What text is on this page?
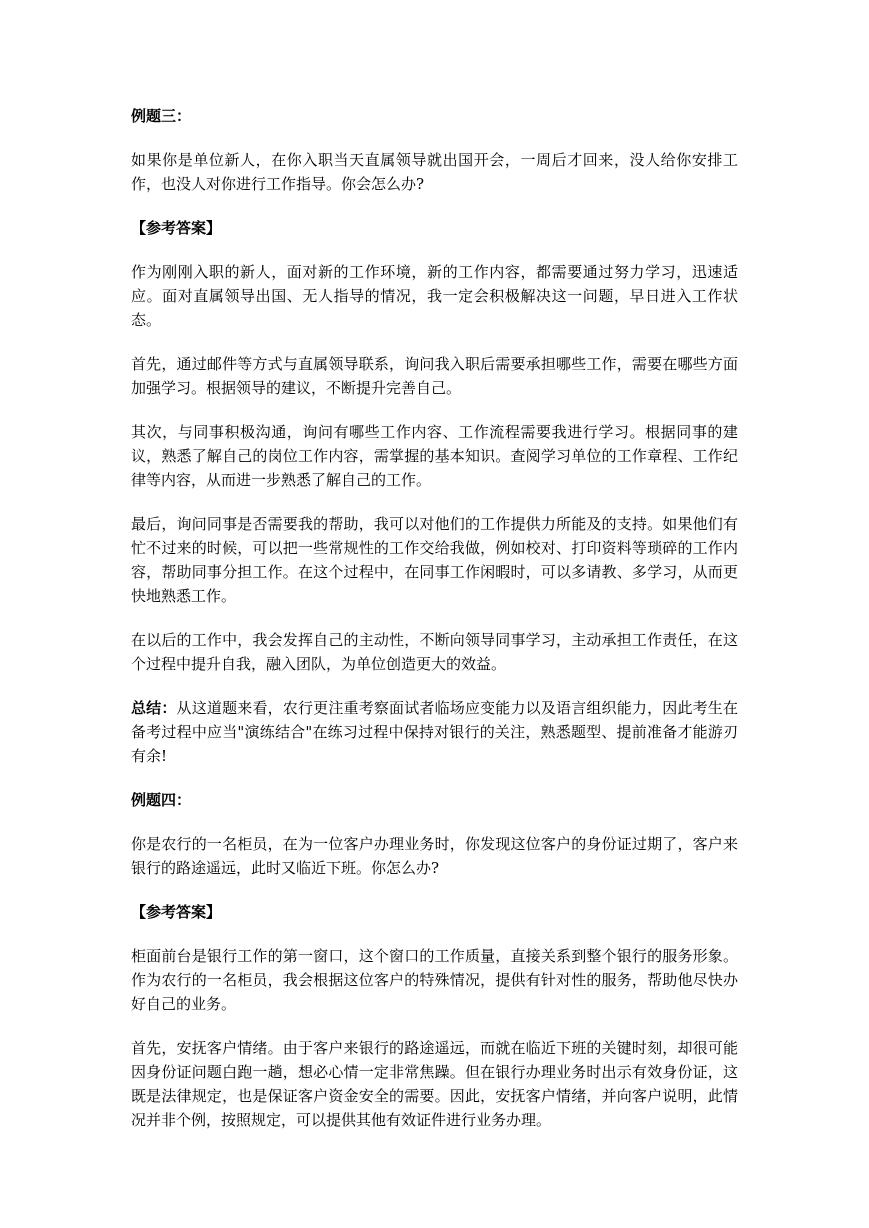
例题三：
如果你是单位新人，在你入职当天直属领导就出国开会，一周后才回来，没人给你安排工作，也没人对你进行工作指导。你会怎么办?
【参考答案】
作为刚刚入职的新人，面对新的工作环境，新的工作内容，都需要通过努力学习，迅速适应。面对直属领导出国、无人指导的情况，我一定会积极解决这一问题，早日进入工作状态。
首先，通过邮件等方式与直属领导联系，询问我入职后需要承担哪些工作，需要在哪些方面加强学习。根据领导的建议，不断提升完善自己。
其次，与同事积极沟通，询问有哪些工作内容、工作流程需要我进行学习。根据同事的建议，熟悉了解自己的岗位工作内容，需掌握的基本知识。查阅学习单位的工作章程、工作纪律等内容，从而进一步熟悉了解自己的工作。
最后，询问同事是否需要我的帮助，我可以对他们的工作提供力所能及的支持。如果他们有忙不过来的时候，可以把一些常规性的工作交给我做，例如校对、打印资料等琐碎的工作内容，帮助同事分担工作。在这个过程中，在同事工作闲暇时，可以多请教、多学习，从而更快地熟悉工作。
在以后的工作中，我会发挥自己的主动性，不断向领导同事学习，主动承担工作责任，在这个过程中提升自我，融入团队，为单位创造更大的效益。
总结：从这道题来看，农行更注重考察面试者临场应变能力以及语言组织能力，因此考生在备考过程中应当"演练结合"在练习过程中保持对银行的关注，熟悉题型、提前准备才能游刃有余!
例题四：
你是农行的一名柜员，在为一位客户办理业务时，你发现这位客户的身份证过期了，客户来银行的路途遥远，此时又临近下班。你怎么办?
【参考答案】
柜面前台是银行工作的第一窗口，这个窗口的工作质量，直接关系到整个银行的服务形象。作为农行的一名柜员，我会根据这位客户的特殊情况，提供有针对性的服务，帮助他尽快办好自己的业务。
首先，安抚客户情绪。由于客户来银行的路途遥远，而就在临近下班的关键时刻，却很可能因身份证问题白跑一趟，想必心情一定非常焦躁。但在银行办理业务时出示有效身份证，这既是法律规定，也是保证客户资金安全的需要。因此，安抚客户情绪，并向客户说明，此情况并非个例，按照规定，可以提供其他有效证件进行业务办理。
